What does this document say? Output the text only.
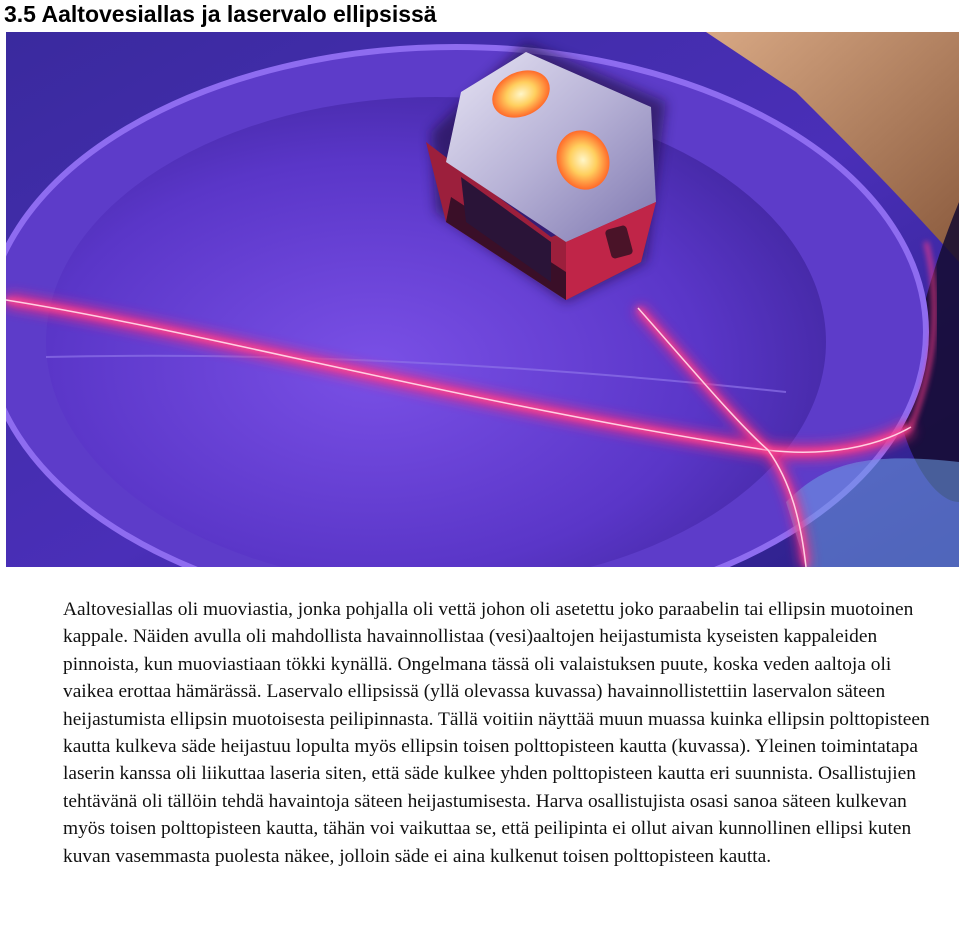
3.5 Aaltovesiallas ja laservalo ellipsissä

Aaltovesiallas oli muoviastia, jonka pohjalla oli vettä johon oli asetettu joko paraabelin tai ellipsin muotoinen kappale. Näiden avulla oli mahdollista havainnollistaa (vesi)aaltojen heijastumista kyseisten kappaleiden pinnoista, kun muoviastiaan tökki kynällä. Ongelmana tässä oli valaistuksen puute, koska veden aaltoja oli vaikea erottaa hämärässä. Laservalo ellipsissä (yllä olevassa kuvassa) havainnollistettiin laservalon säteen heijastumista ellipsin muotoisesta peilipinnasta. Tällä voitiin näyttää muun muassa kuinka ellipsin polttopisteen kautta kulkeva säde heijastuu lopulta myös ellipsin toisen polttopisteen kautta (kuvassa). Yleinen toimintatapa laserin kanssa oli liikuttaa laseria siten, että säde kulkee yhden polttopisteen kautta eri suunnista. Osallistujien tehtävänä oli tällöin tehdä havaintoja säteen heijastumisesta. Harva osallistujista osasi sanoa säteen kulkevan myös toisen polttopisteen kautta, tähän voi vaikuttaa se, että peilipinta ei ollut aivan kunnollinen ellipsi kuten kuvan vasemmasta puolesta näkee, jolloin säde ei aina kulkenut toisen polttopisteen kautta.
